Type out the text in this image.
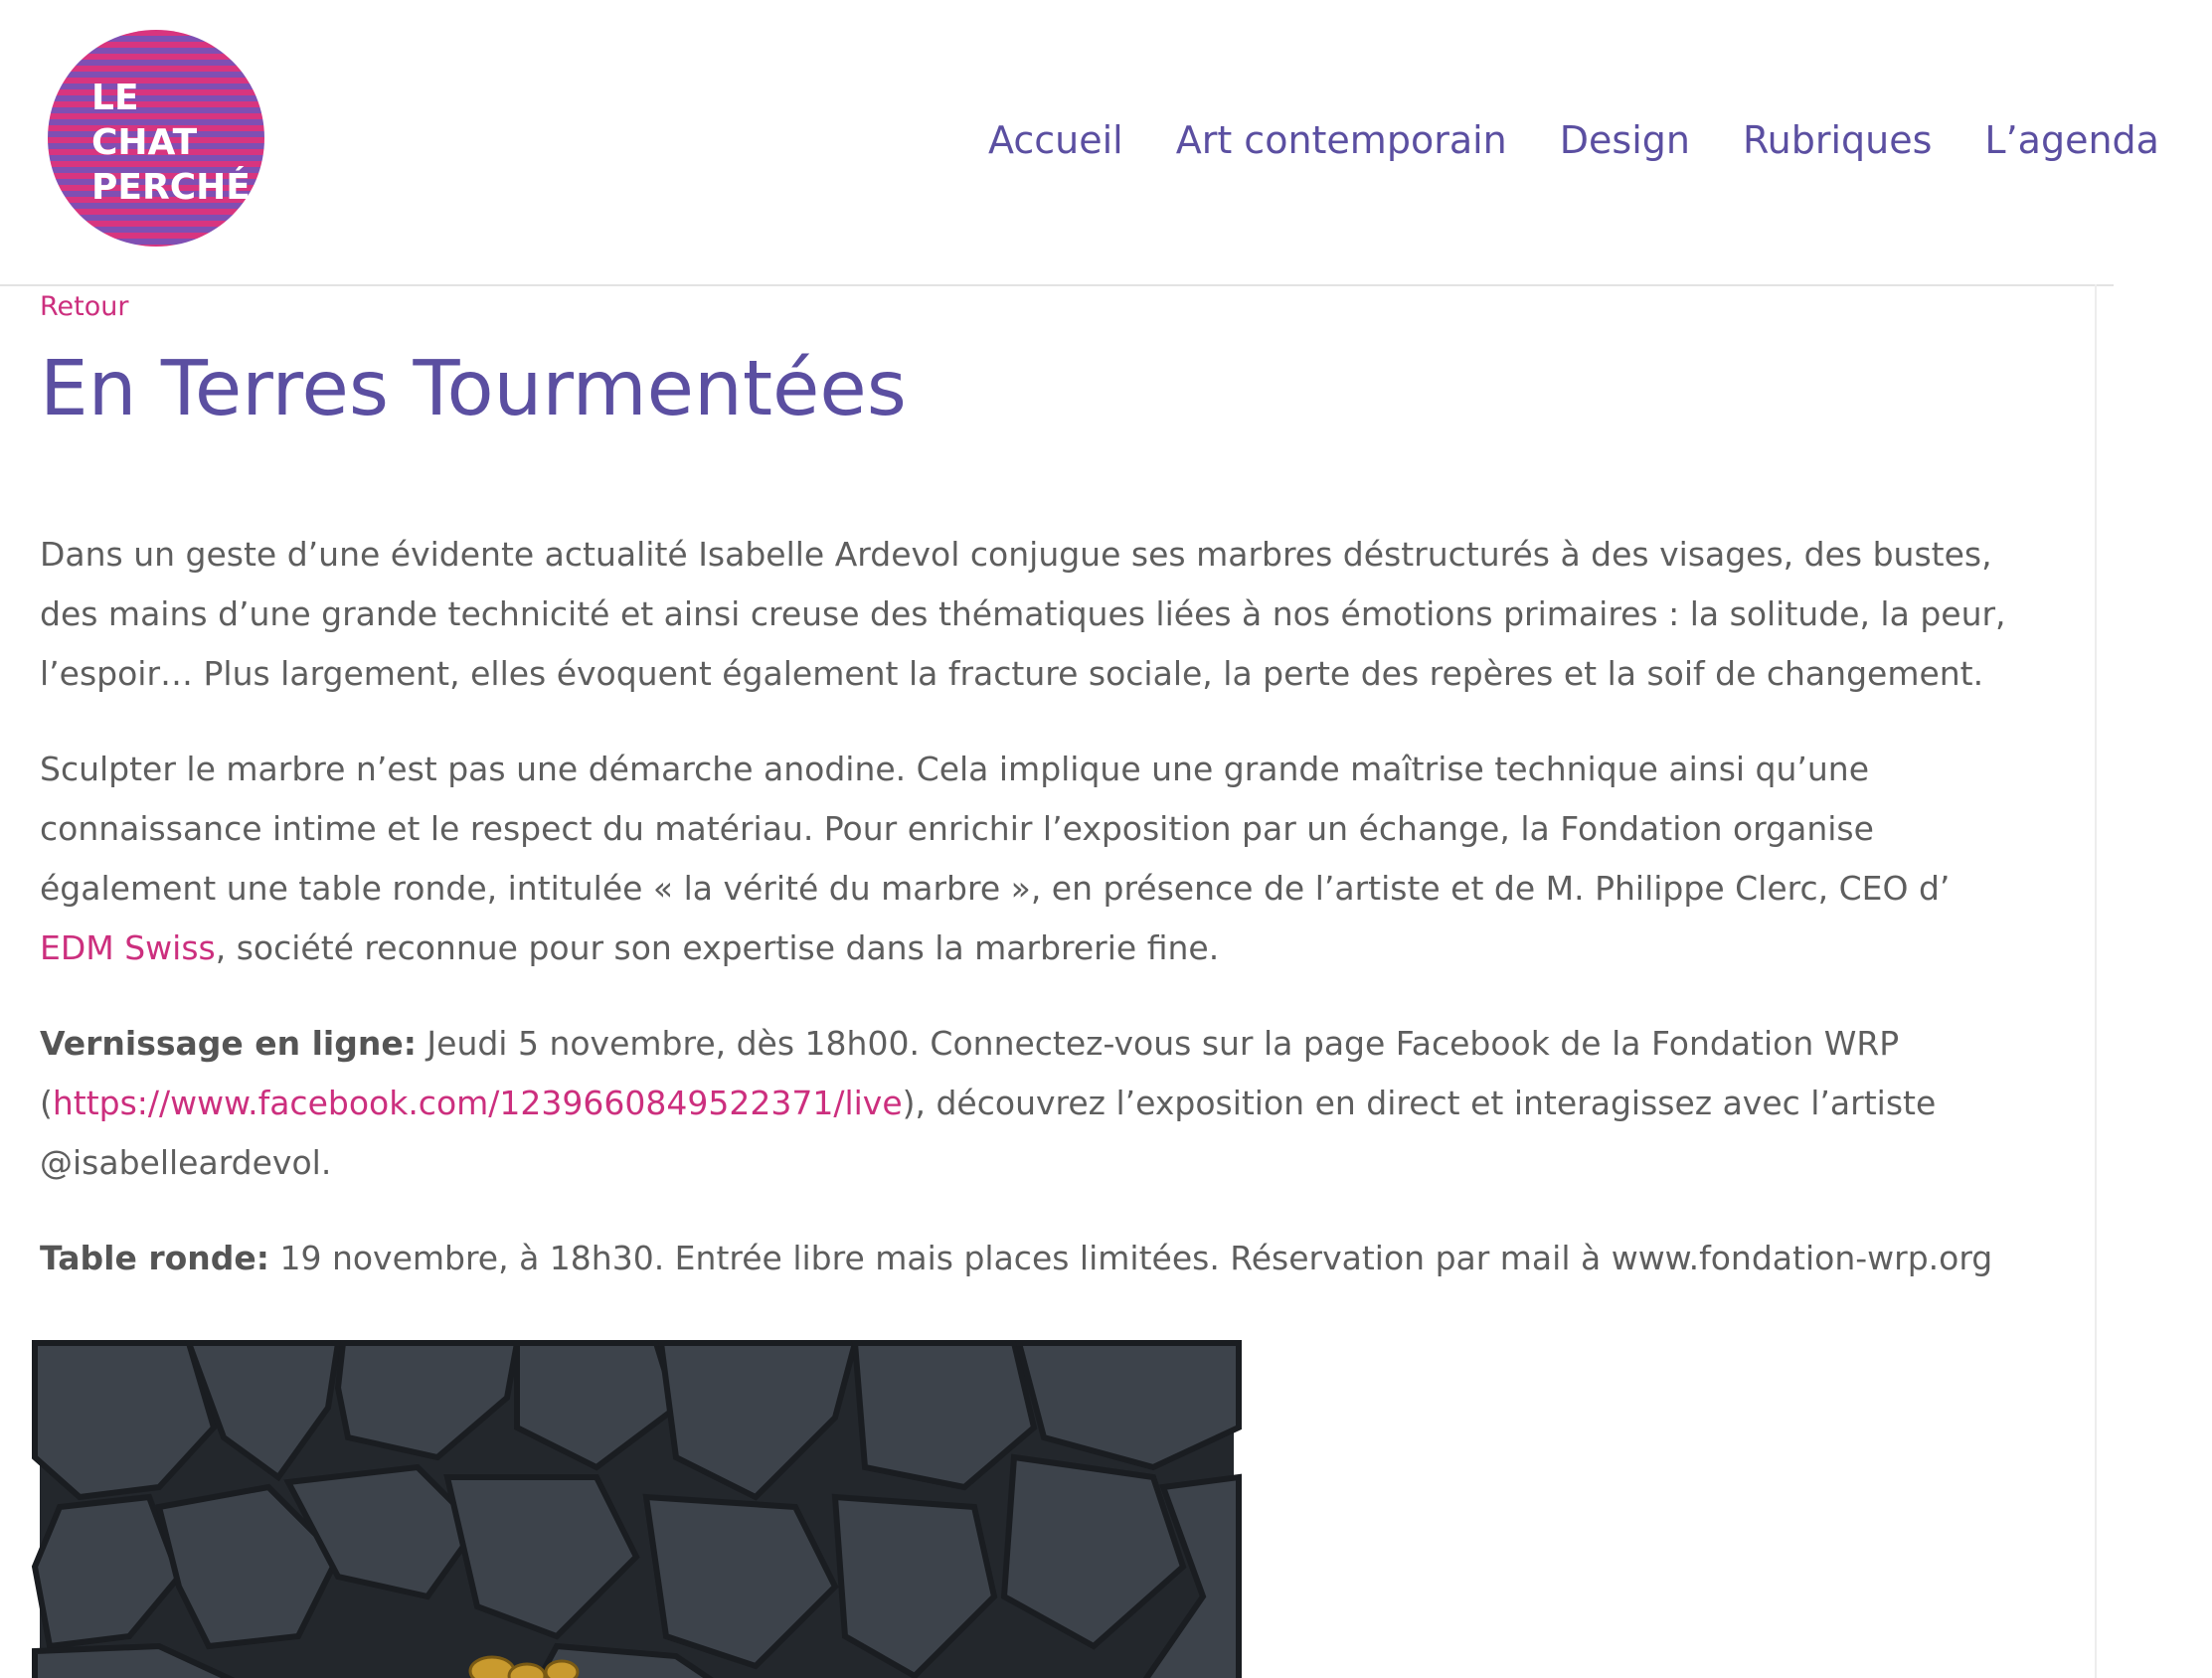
LE
CHAT
PERCHÉ
Accueil Art contemporain Design Rubriques L’agenda
Retour
En Terres Tourmentées

Dans un geste d’une évidente actualité Isabelle Ardevol conjugue ses marbres déstructurés à des visages, des bustes,
des mains d’une grande technicité et ainsi creuse des thématiques liées à nos émotions primaires : la solitude, la peur,
l’espoir… Plus largement, elles évoquent également la fracture sociale, la perte des repères et la soif de changement.

Sculpter le marbre n’est pas une démarche anodine. Cela implique une grande maîtrise technique ainsi qu’une
connaissance intime et le respect du matériau. Pour enrichir l’exposition par un échange, la Fondation organise
également une table ronde, intitulée « la vérité du marbre », en présence de l’artiste et de M. Philippe Clerc, CEO d’
EDM Swiss, société reconnue pour son expertise dans la marbrerie fine.

Vernissage en ligne: Jeudi 5 novembre, dès 18h00. Connectez-vous sur la page Facebook de la Fondation WRP
(https://www.facebook.com/1239660849522371/live), découvrez l’exposition en direct et interagissez avec l’artiste
@isabelleardevol.

Table ronde: 19 novembre, à 18h30. Entrée libre mais places limitées. Réservation par mail à www.fondation-wrp.org
